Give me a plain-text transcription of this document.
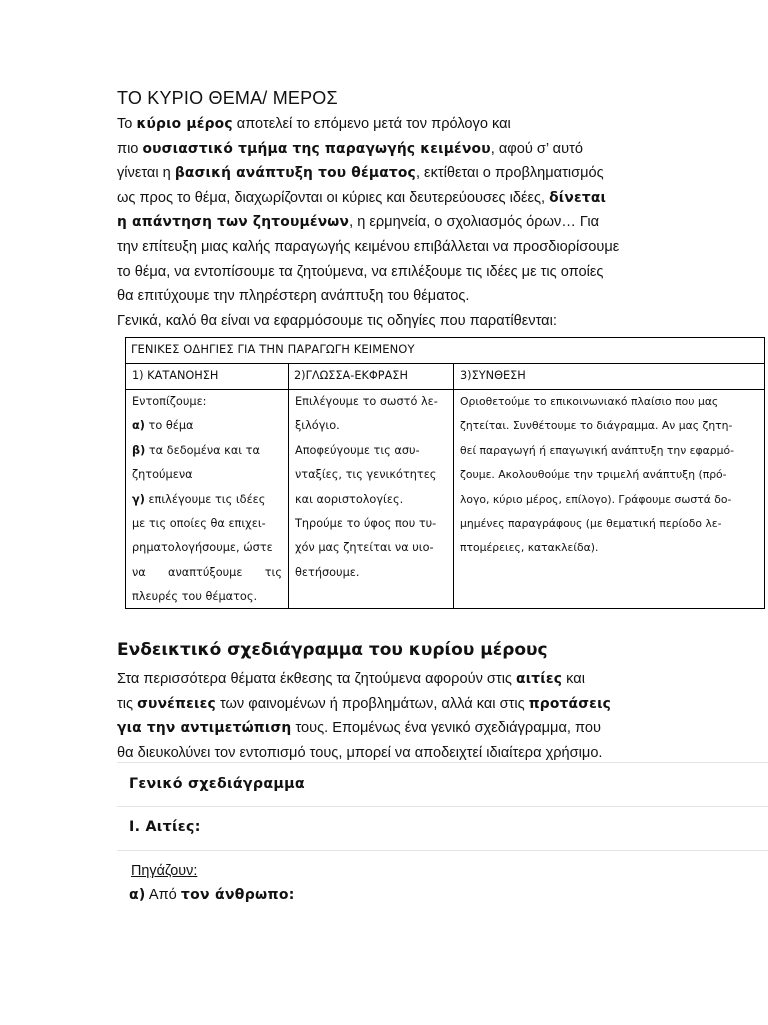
ΤΟ ΚΥΡΙΟ ΘΕΜΑ/ ΜΕΡΟΣ
Το κύριο μέρος αποτελεί το επόμενο μετά τον πρόλογο και
πιο ουσιαστικό τμήμα της παραγωγής κειμένου, αφού σ’ αυτό
γίνεται η βασική ανάπτυξη του θέματος, εκτίθεται ο προβληματισμός
ως προς το θέμα, διαχωρίζονται οι κύριες και δευτερεύουσες ιδέες, δίνεται
η απάντηση των ζητουμένων, η ερμηνεία, ο σχολιασμός όρων… Για
την επίτευξη μιας καλής παραγωγής κειμένου επιβάλλεται να προσδιορίσουμε
το θέμα, να εντοπίσουμε τα ζητούμενα, να επιλέξουμε τις ιδέες με τις οποίες
θα επιτύχουμε την πληρέστερη ανάπτυξη του θέματος.
Γενικά, καλό θα είναι να εφαρμόσουμε τις οδηγίες που παρατίθενται:
ΓΕΝΙΚΕΣ ΟΔΗΓΙΕΣ ΓΙΑ ΤΗΝ ΠΑΡΑΓΩΓΗ ΚΕΙΜΕΝΟΥ
1) ΚΑΤΑΝΟΗΣΗ	2)ΓΛΩΣΣΑ-ΕΚΦΡΑΣΗ	3)ΣΥΝΘΕΣΗ
Εντοπίζουμε:
α) το θέμα
β) τα δεδομένα και τα
ζητούμενα
γ) επιλέγουμε τις ιδέες
με τις οποίες θα επιχει-
ρηματολογήσουμε, ώστε
να αναπτύξουμε τις
πλευρές του θέματος.
Επιλέγουμε το σωστό λε-
ξιλόγιο.
Αποφεύγουμε τις ασυ-
νταξίες, τις γενικότητες
και αοριστολογίες.
Τηρούμε το ύφος που τυ-
χόν μας ζητείται να υιο-
θετήσουμε.
Οριοθετούμε το επικοινωνιακό πλαίσιο που μας
ζητείται. Συνθέτουμε το διάγραμμα. Αν μας ζητη-
θεί παραγωγή ή επαγωγική ανάπτυξη την εφαρμό-
ζουμε. Ακολουθούμε την τριμελή ανάπτυξη (πρό-
λογο, κύριο μέρος, επίλογο). Γράφουμε σωστά δο-
μημένες παραγράφους (με θεματική περίοδο λε-
πτομέρειες, κατακλείδα).
Ενδεικτικό σχεδιάγραμμα του κυρίου μέρους
Στα περισσότερα θέματα έκθεσης τα ζητούμενα αφορούν στις αιτίες και
τις συνέπειες των φαινομένων ή προβλημάτων, αλλά και στις προτάσεις
για την αντιμετώπιση τους. Επομένως ένα γενικό σχεδιάγραμμα, που
θα διευκολύνει τον εντοπισμό τους, μπορεί να αποδειχτεί ιδιαίτερα χρήσιμο.
Γενικό σχεδιάγραμμα
Ι. Αιτίες:
Πηγάζουν:
α) Από τον άνθρωπο:
